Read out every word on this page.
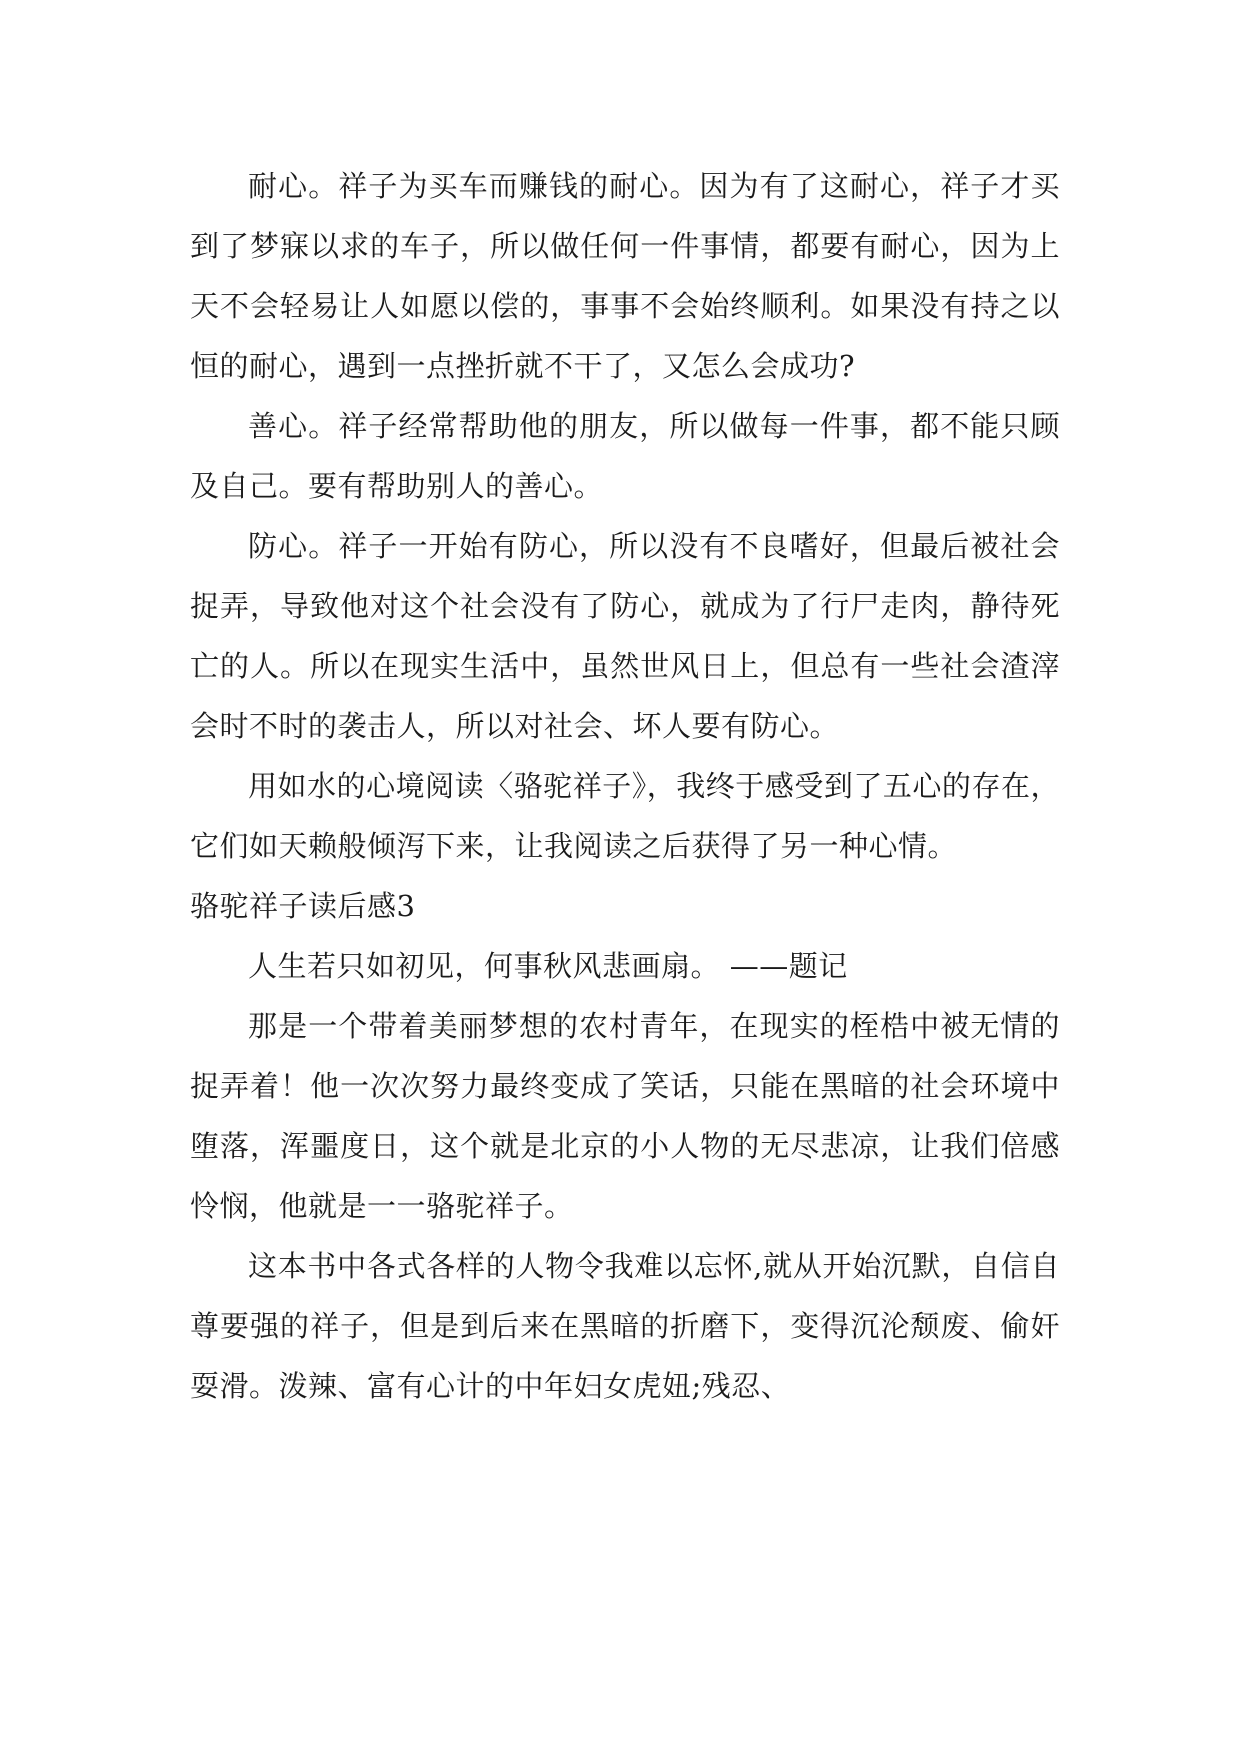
耐心。祥子为买车而赚钱的耐心。因为有了这耐心，祥子才买到了梦寐以求的车子，所以做任何一件事情，都要有耐心，因为上天不会轻易让人如愿以偿的，事事不会始终顺利。如果没有持之以恒的耐心，遇到一点挫折就不干了，又怎么会成功?

善心。祥子经常帮助他的朋友，所以做每一件事，都不能只顾及自己。要有帮助别人的善心。

防心。祥子一开始有防心，所以没有不良嗜好，但最后被社会捉弄，导致他对这个社会没有了防心，就成为了行尸走肉，静待死亡的人。所以在现实生活中，虽然世风日上，但总有一些社会渣滓会时不时的袭击人，所以对社会、坏人要有防心。

用如水的心境阅读〈骆驼祥子》，我终于感受到了五心的存在，它们如天赖般倾泻下来，让我阅读之后获得了另一种心情。

骆驼祥子读后感3

人生若只如初见，何事秋风悲画扇。 ——题记

那是一个带着美丽梦想的农村青年，在现实的桎梏中被无情的捉弄着！他一次次努力最终变成了笑话，只能在黑暗的社会环境中堕落，浑噩度日，这个就是北京的小人物的无尽悲凉，让我们倍感怜悯，他就是一一骆驼祥子。

这本书中各式各样的人物令我难以忘怀,就从开始沉默，自信自尊要强的祥子，但是到后来在黑暗的折磨下，变得沉沦颓废、偷奸耍滑。泼辣、富有心计的中年妇女虎妞;残忍、
